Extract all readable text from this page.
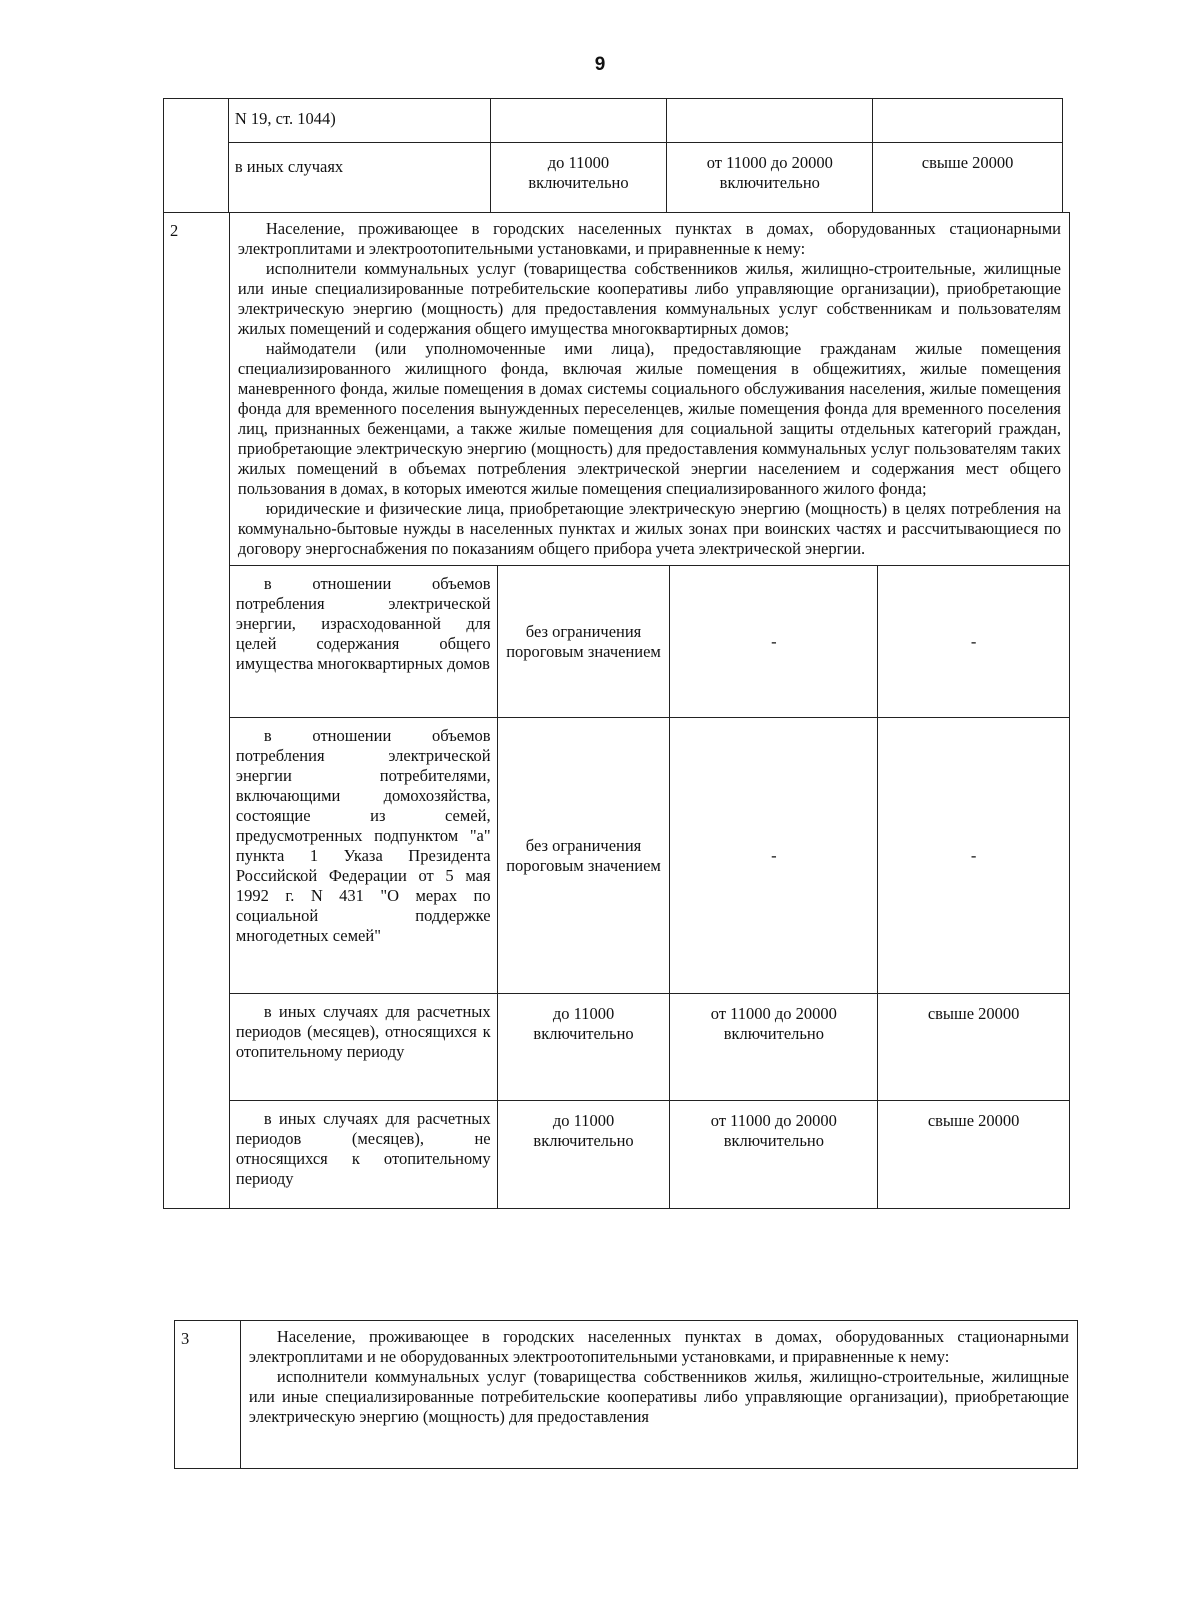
9
	N 19, ст. 1044)			
	в иных случаях	до 11000 включительно	от 11000 до 20000 включительно	свыше 20000
2	Население, проживающее в городских населенных пунктах в домах, оборудованных стационарными электроплитами и электроотопительными установками, и приравненные к нему:

исполнители коммунальных услуг (товарищества собственников жилья, жилищно-строительные, жилищные или иные специализированные потребительские кооперативы либо управляющие организации), приобретающие электрическую энергию (мощность) для предоставления коммунальных услуг собственникам и пользователям жилых помещений и содержания общего имущества многоквартирных домов;

наймодатели (или уполномоченные ими лица), предоставляющие гражданам жилые помещения специализированного жилищного фонда, включая жилые помещения в общежитиях, жилые помещения маневренного фонда, жилые помещения в домах системы социального обслуживания населения, жилые помещения фонда для временного поселения вынужденных переселенцев, жилые помещения фонда для временного поселения лиц, признанных беженцами, а также жилые помещения для социальной защиты отдельных категорий граждан, приобретающие электрическую энергию (мощность) для предоставления коммунальных услуг пользователям таких жилых помещений в объемах потребления электрической энергии населением и содержания мест общего пользования в домах, в которых имеются жилые помещения специализированного жилого фонда;

юридические и физические лица, приобретающие электрическую энергию (мощность) в целях потребления на коммунально-бытовые нужды в населенных пунктах и жилых зонах при воинских частях и рассчитывающиеся по договору энергоснабжения по показаниям общего прибора учета электрической энергии.			

	в отношении объемов потребления электрической энергии, израсходованной для целей содержания общего имущества многоквартирных домов	без ограничения пороговым значением	-	-

	в отношении объемов потребления электрической энергии потребителями, включающими домохозяйства, состоящие из семей, предусмотренных подпунктом "а" пункта 1 Указа Президента Российской Федерации от 5 мая 1992 г. N 431 "О мерах по социальной поддержке многодетных семей"	без ограничения пороговым значением	-	-

	в иных случаях для расчетных периодов (месяцев), относящихся к отопительному периоду	до 11000 включительно	от 11000 до 20000 включительно	свыше 20000

	в иных случаях для расчетных периодов (месяцев), не относящихся к отопительному периоду	до 11000 включительно	от 11000 до 20000 включительно	свыше 20000
3	Население, проживающее в городских населенных пунктах в домах, оборудованных стационарными электроплитами и не оборудованных электроотопительными установками, и приравненные к нему:

исполнители коммунальных услуг (товарищества собственников жилья, жилищно-строительные, жилищные или иные специализированные потребительские кооперативы либо управляющие организации), приобретающие электрическую энергию (мощность) для предоставления
